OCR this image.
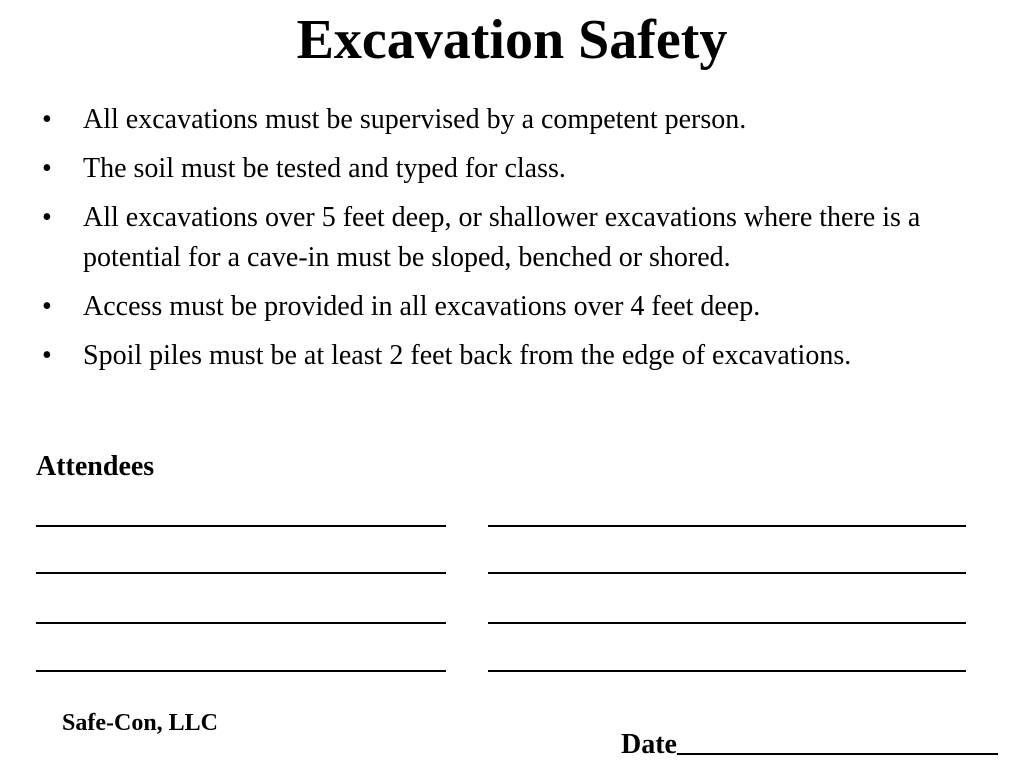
Excavation Safety
• All excavations must be supervised by a competent person.
• The soil must be tested and typed for class.
• All excavations over 5 feet deep, or shallower excavations where there is a potential for a cave-in must be sloped, benched or shored.
• Access must be provided in all excavations over 4 feet deep.
• Spoil piles must be at least 2 feet back from the edge of excavations.
Attendees
Safe-Con, LLC
Date
